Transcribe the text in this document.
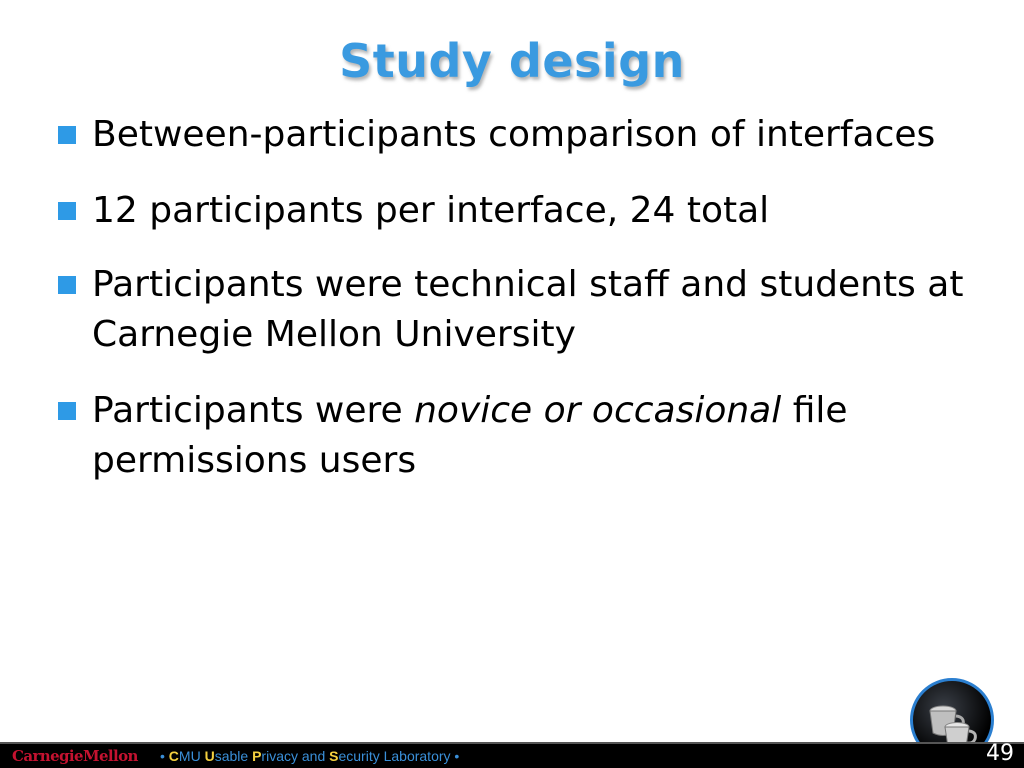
Study design
Between-participants comparison of interfaces
12 participants per interface, 24 total
Participants were technical staff and students at Carnegie Mellon University
Participants were novice or occasional file permissions users
CarnegieMellon • CMU Usable Privacy and Security Laboratory •	49
